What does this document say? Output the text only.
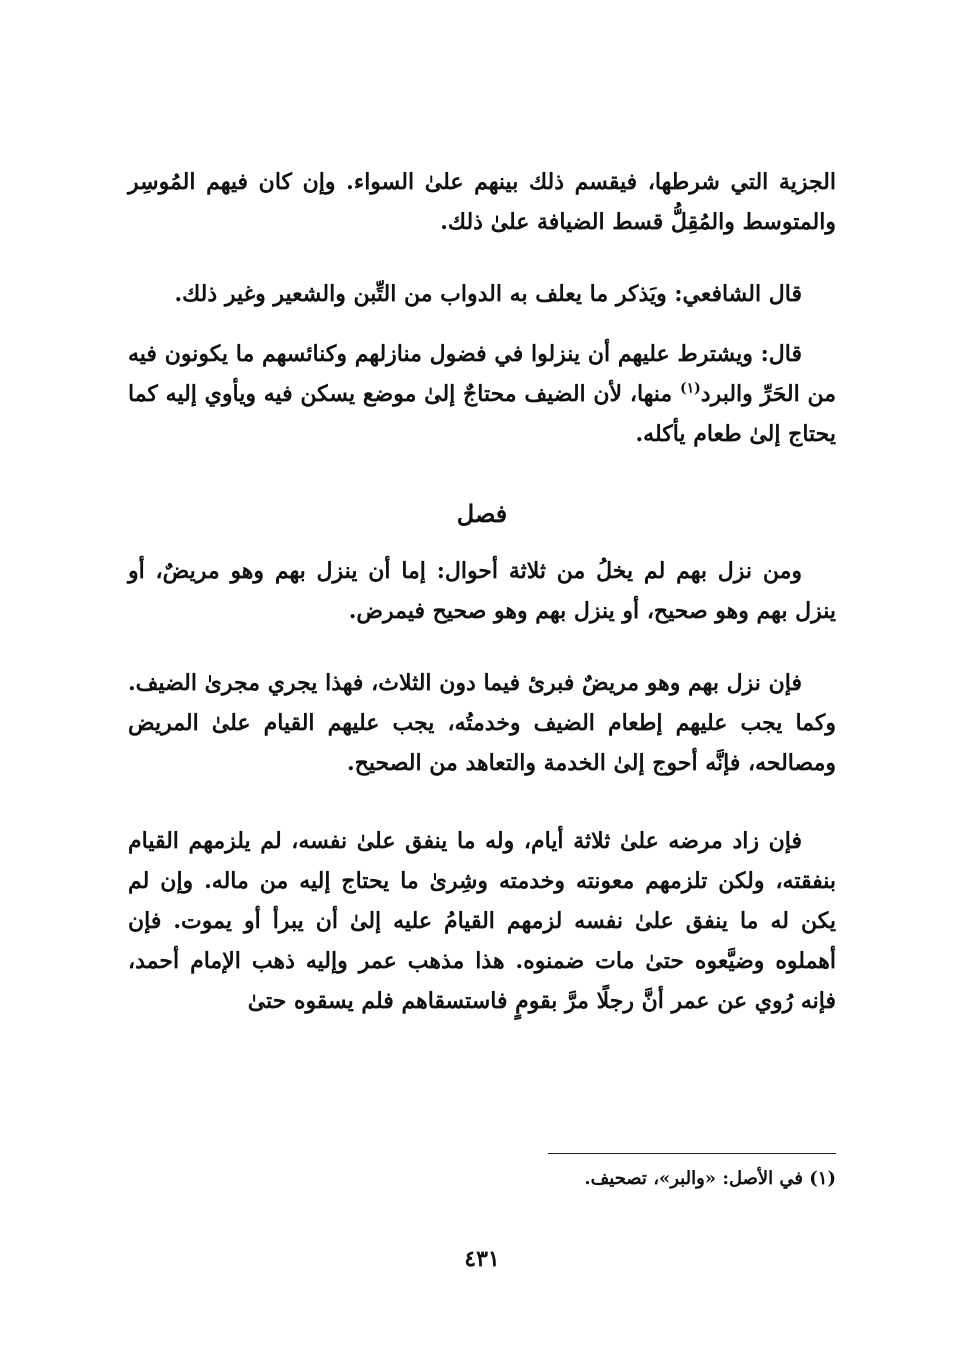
الجزية التي شرطها، فيقسم ذلك بينهم علىٰ السواء. وإن كان فيهم المُوسِر والمتوسط والمُقِلُّ قسط الضيافة علىٰ ذلك.

قال الشافعي: ويَذكر ما يعلف به الدواب من التِّبن والشعير وغير ذلك.

قال: ويشترط عليهم أن ينزلوا في فضول منازلهم وكنائسهم ما يكونون فيه من الحَرِّ والبرد$^{(١)}$ منها، لأن الضيف محتاجٌ إلىٰ موضع يسكن فيه ويأوي إليه كما يحتاج إلىٰ طعام يأكله.

فصل

ومن نزل بهم لم يخلُ من ثلاثة أحوال: إما أن ينزل بهم وهو مريضٌ، أو ينزل بهم وهو صحيح، أو ينزل بهم وهو صحيح فيمرض.

فإن نزل بهم وهو مريضٌ فبرئ فيما دون الثلاث، فهذا يجري مجرىٰ الضيف. وكما يجب عليهم إطعام الضيف وخدمتُه، يجب عليهم القيام علىٰ المريض ومصالحه، فإنَّه أحوج إلىٰ الخدمة والتعاهد من الصحيح.

فإن زاد مرضه علىٰ ثلاثة أيام، وله ما ينفق علىٰ نفسه، لم يلزمهم القيام بنفقته، ولكن تلزمهم معونته وخدمته وشِرىٰ ما يحتاج إليه من ماله. وإن لم يكن له ما ينفق علىٰ نفسه لزمهم القيامُ عليه إلىٰ أن يبرأ أو يموت. فإن أهملوه وضيَّعوه حتىٰ مات ضمنوه. هذا مذهب عمر وإليه ذهب الإمام أحمد، فإنه رُوي عن عمر أنَّ رجلًا مرَّ بقومٍ فاستسقاهم فلم يسقوه حتىٰ

(١) في الأصل: «والبر»، تصحيف.
٤٣١
